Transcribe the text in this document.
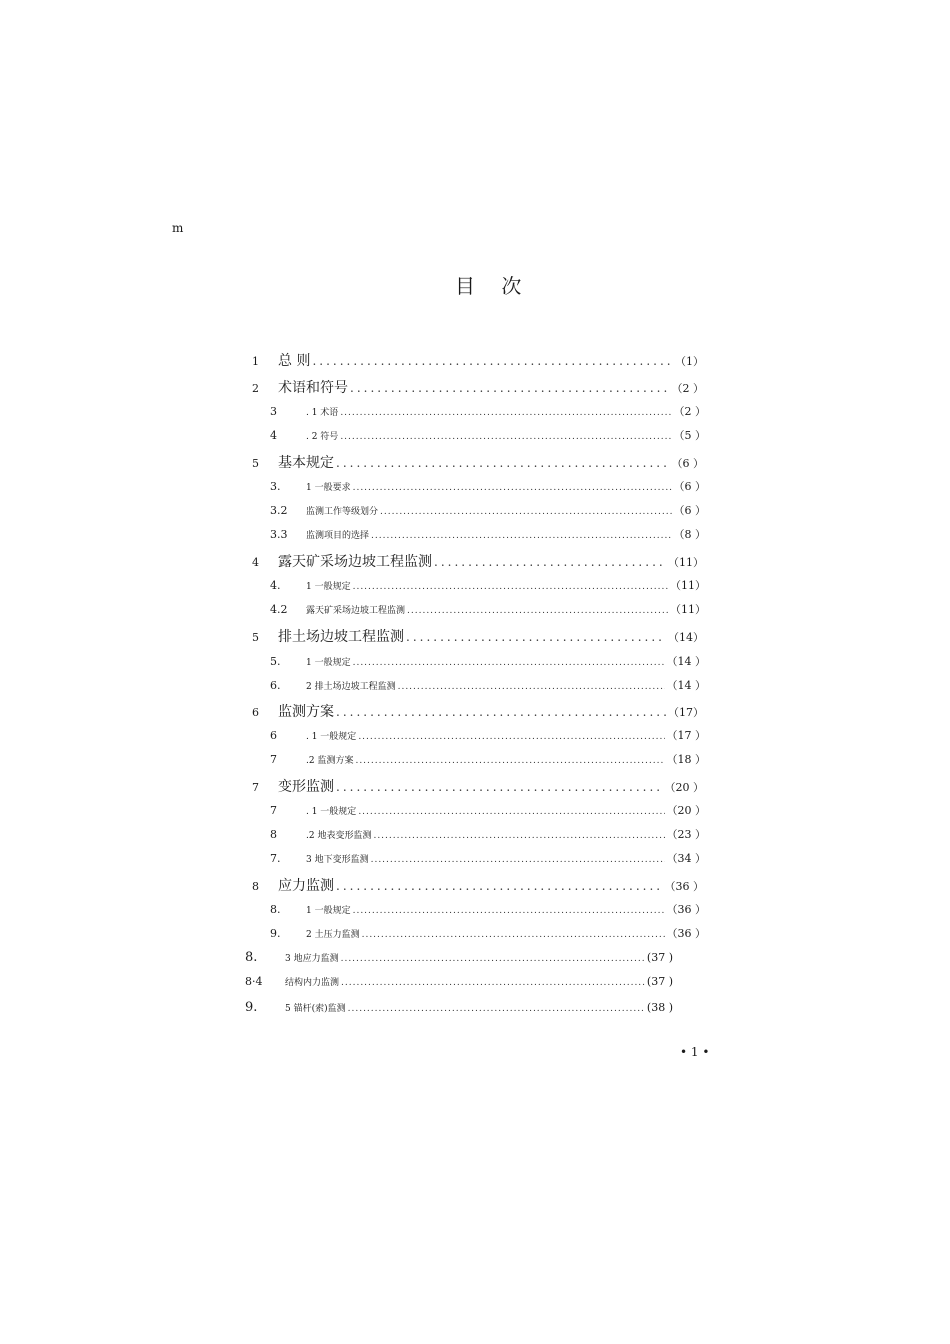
m
目 次
1	总 则 .....	（1）
2	术语和符号 .....	（2 ）
3	. 1 术语 .....	（2 ）
4	. 2 符号 .....	（5 ）
5	基本规定 .....	（6 ）
3.	1 一般要求 .....	（6 ）
3.2	监测工作等级划分 .....	（6 ）
3.3	监测项目的选择 .....	（8 ）
4	露天矿采场边坡工程监测 .....	（11）
4.	1 一般规定 .....	（11）
4.2	露天矿采场边坡工程监测 .....	（11）
5	排土场边坡工程监测 .....	（14）
5.	1 一般规定 .....	（14 ）
6.	2 排土场边坡工程监测 .....	（14 ）
6	监测方案 .....	（17）
6	. 1 一般规定 .....	（17 ）
7	.2 监测方案 .....	（18 ）
7	变形监测 .....	（20 ）
7	. 1 一般规定 .....	（20 ）
8	.2 地表变形监测 .....	（23 ）
7.	3 地下变形监测 .....	（34 ）
8	应力监测 .....	（36 ）
8.	1 一般规定 .....	（36 ）
9.	2 土压力监测 .....	（36 ）
8.	3 地应力监测 .....	(37 )
8·4	结构内力监测 .....	(37 )
9.	5 锚杆(索)监测 .....	(38 )
• 1 •
